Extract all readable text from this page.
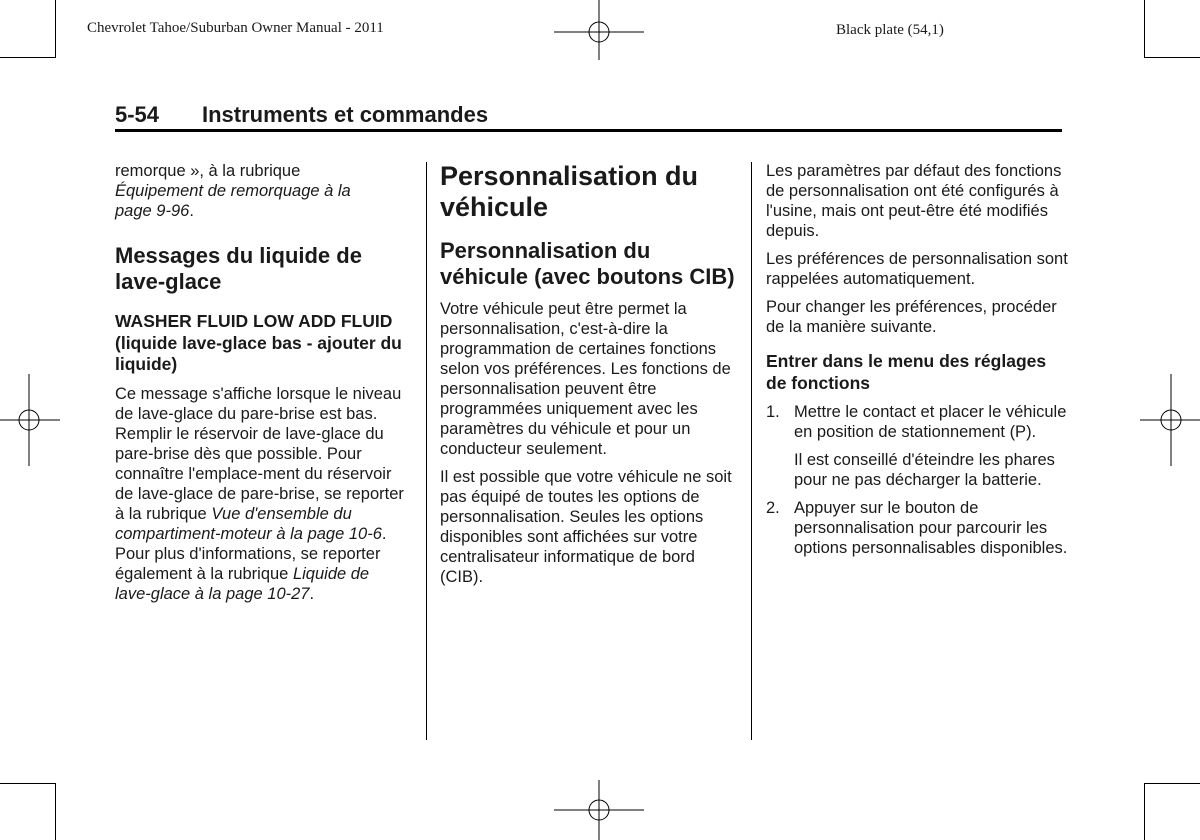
Chevrolet Tahoe/Suburban Owner Manual - 2011	Black plate (54,1)
5-54 Instruments et commandes

remorque », à la rubrique
Équipement de remorquage à la
page 9-96.

Messages du liquide de lave-glace
WASHER FLUID LOW ADD FLUID (liquide lave-glace bas - ajouter du liquide)

Ce message s'affiche lorsque le niveau de lave-glace du pare-brise est bas. Remplir le réservoir de lave-glace du pare-brise dès que possible. Pour connaître l'emplace-ment du réservoir de lave-glace de pare-brise, se reporter à la rubrique Vue d'ensemble du compartiment-moteur à la page 10-6. Pour plus d'informations, se reporter également à la rubrique Liquide de lave-glace à la page 10-27.

Personnalisation du véhicule
Personnalisation du véhicule (avec boutons CIB)

Votre véhicule peut être permet la personnalisation, c'est-à-dire la programmation de certaines fonctions selon vos préférences. Les fonctions de personnalisation peuvent être programmées uniquement avec les paramètres du véhicule et pour un conducteur seulement.

Il est possible que votre véhicule ne soit pas équipé de toutes les options de personnalisation. Seules les options disponibles sont affichées sur votre centralisateur informatique de bord (CIB).

Les paramètres par défaut des fonctions de personnalisation ont été configurés à l'usine, mais ont peut-être été modifiés depuis.

Les préférences de personnalisation sont rappelées automatiquement.

Pour changer les préférences, procéder de la manière suivante.

Entrer dans le menu des réglages de fonctions
1. Mettre le contact et placer le véhicule en position de stationnement (P).

Il est conseillé d'éteindre les phares pour ne pas décharger la batterie.

2. Appuyer sur le bouton de personnalisation pour parcourir les options personnalisables disponibles.
